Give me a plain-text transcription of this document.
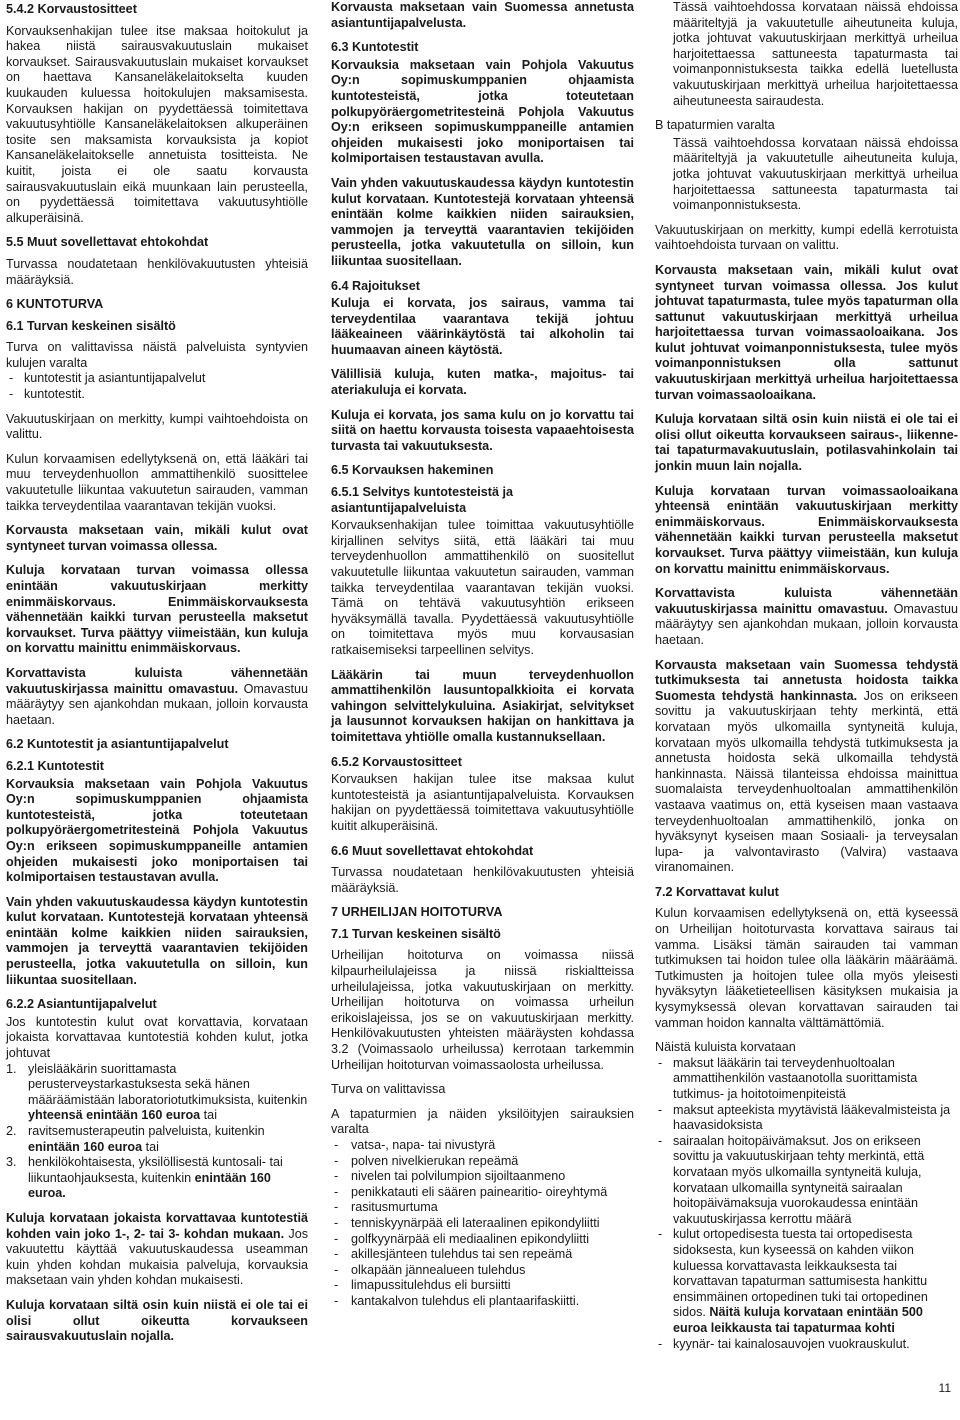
5.4.2 Korvaustositteet

Korvauksenhakijan tulee itse maksaa hoitokulut ja hakea niistä sairausvakuutuslain mukaiset korvaukset. Sairausvakuutuslain mukaiset korvaukset on haettava Kansaneläkelaitokselta kuuden kuukauden kuluessa hoitokulujen maksamisesta. Korvauksen hakijan on pyydettäessä toimitettava vakuutusyhtiölle Kansaneläkelaitoksen alkuperäinen tosite sen maksamista korvauksista ja kopiot Kansaneläkelaitokselle annetuista tositteista. Ne kuitit, joista ei ole saatu korvausta sairausvakuutuslain eikä muunkaan lain perusteella, on pyydettäessä toimitettava vakuutusyhtiölle alkuperäisinä.

5.5 Muut sovellettavat ehtokohdat

Turvassa noudatetaan henkilövakuutusten yhteisiä määräyksiä.

6 KUNTOTURVA
6.1 Turvan keskeinen sisältö

Turva on valittavissa näistä palveluista syntyvien kulujen varalta

- kuntotestit ja asiantuntijapalvelut
- kuntotestit.

Vakuutuskirjaan on merkitty, kumpi vaihtoehdoista on valittu.

Kulun korvaamisen edellytyksenä on, että lääkäri tai muu terveydenhuollon ammattihenkilö suosittelee vakuutetulle liikuntaa vakuutetun sairauden, vamman taikka terveydentilaa vaarantavan tekijän vuoksi.

Korvausta maksetaan vain, mikäli kulut ovat syntyneet turvan voimassa ollessa.

Kuluja korvataan turvan voimassa ollessa enintään vakuutuskirjaan merkitty enimmäiskorvaus. Enimmäiskorvauksesta vähennetään kaikki turvan perusteella maksetut korvaukset. Turva päättyy viimeistään, kun kuluja on korvattu mainittu enimmäiskorvaus.

Korvattavista kuluista vähennetään vakuutuskirjassa mainittu omavastuu. Omavastuu määräytyy sen ajankohdan mukaan, jolloin korvausta haetaan.

6.2 Kuntotestit ja asiantuntijapalvelut
6.2.1 Kuntotestit

Korvauksia maksetaan vain Pohjola Vakuutus Oy:n sopimuskumppanien ohjaamista kuntotesteistä, jotka toteutetaan polkupyöräergometritesteinä Pohjola Vakuutus Oy:n erikseen sopimuskumppaneille antamien ohjeiden mukaisesti joko moniportaisen tai kolmiportaisen testaustavan avulla.

Vain yhden vakuutuskaudessa käydyn kuntotestin kulut korvataan. Kuntotestejä korvataan yhteensä enintään kolme kaikkien niiden sairauksien, vammojen ja terveyttä vaarantavien tekijöiden perusteella, jotka vakuutetulla on silloin, kun liikuntaa suositellaan.

6.2.2 Asiantuntijapalvelut

Jos kuntotestin kulut ovat korvattavia, korvataan jokaista korvattavaa kuntotestiä kohden kulut, jotka johtuvat

1. yleislääkärin suorittamasta perusterveystarkastuksesta sekä hänen määräämistään laboratoriotutkimuksista, kuitenkin yhteensä enintään 160 euroa tai
2. ravitsemusterapeutin palveluista, kuitenkin enintään 160 euroa tai
3. henkilökohtaisesta, yksilöllisestä kuntosali- tai liikuntaohjauksesta, kuitenkin enintään 160 euroa.

Kuluja korvataan jokaista korvattavaa kuntotestiä kohden vain joko 1-, 2- tai 3- kohdan mukaan. Jos vakuutettu käyttää vakuutuskaudessa useamman kuin yhden kohdan mukaisia palveluja, korvauksia maksetaan vain yhden kohdan mukaisesti.

Kuluja korvataan siltä osin kuin niistä ei ole tai ei olisi ollut oikeutta korvaukseen sairausvakuutuslain nojalla.

Korvausta maksetaan vain Suomessa annetusta asiantuntijapalvelusta.

6.3 Kuntotestit

Korvauksia maksetaan vain Pohjola Vakuutus Oy:n sopimuskumppanien ohjaamista kuntotesteistä, jotka toteutetaan polkupyöräergometritesteinä Pohjola Vakuutus Oy:n erikseen sopimuskumppaneille antamien ohjeiden mukaisesti joko moniportaisen tai kolmiportaisen testaustavan avulla.

Vain yhden vakuutuskaudessa käydyn kuntotestin kulut korvataan. Kuntotestejä korvataan yhteensä enintään kolme kaikkien niiden sairauksien, vammojen ja terveyttä vaarantavien tekijöiden perusteella, jotka vakuutetulla on silloin, kun liikuntaa suositellaan.

6.4 Rajoitukset

Kuluja ei korvata, jos sairaus, vamma tai terveydentilaa vaarantava tekijä johtuu lääkeaineen väärinkäytöstä tai alkoholin tai huumaavan aineen käytöstä.

Välillisiä kuluja, kuten matka-, majoitus- tai ateriakuluja ei korvata.

Kuluja ei korvata, jos sama kulu on jo korvattu tai siitä on haettu korvausta toisesta vapaaehtoisesta turvasta tai vakuutuksesta.

6.5 Korvauksen hakeminen
6.5.1 Selvitys kuntotesteistä ja asiantuntijapalveluista

Korvauksenhakijan tulee toimittaa vakuutusyhtiölle kirjallinen selvitys siitä, että lääkäri tai muu terveydenhuollon ammattihenkilö on suositellut vakuutetulle liikuntaa vakuutetun sairauden, vamman taikka terveydentilaa vaarantavan tekijän vuoksi. Tämä on tehtävä vakuutusyhtiön erikseen hyväksymällä tavalla. Pyydettäessä vakuutusyhtiölle on toimitettava myös muu korvausasian ratkaisemiseksi tarpeellinen selvitys.

Lääkärin tai muun terveydenhuollon ammattihenkilön lausuntopalkkioita ei korvata vahingon selvittelykuluina. Asiakirjat, selvitykset ja lausunnot korvauksen hakijan on hankittava ja toimitettava yhtiölle omalla kustannuksellaan.

6.5.2 Korvaustositteet

Korvauksen hakijan tulee itse maksaa kulut kuntotesteistä ja asiantuntijapalveluista. Korvauksen hakijan on pyydettäessä toimitettava vakuutusyhtiölle kuitit alkuperäisinä.

6.6 Muut sovellettavat ehtokohdat

Turvassa noudatetaan henkilövakuutusten yhteisiä määräyksiä.

7 URHEILIJAN HOITOTURVA
7.1 Turvan keskeinen sisältö

Urheilijan hoitoturva on voimassa niissä kilpaurheilulajeissa ja niissä riskialtteissa urheilulajeissa, jotka vakuutuskirjaan on merkitty. Urheilijan hoitoturva on voimassa urheilun erikoislajeissa, jos se on vakuutuskirjaan merkitty. Henkilövakuutusten yhteisten määräysten kohdassa 3.2 (Voimassaolo urheilussa) kerrotaan tarkemmin Urheilijan hoitoturvan voimassaolosta urheilussa.

Turva on valittavissa

A tapaturmien ja näiden yksilöityjen sairauksien varalta

- vatsa-, napa- tai nivustyrä
- polven nivelkierukan repeämä
- nivelen tai polvilumpion sijoiltaanmeno
- penikkatauti eli säären painearitio- oireyhtymä
- rasitusmurtuma
- tenniskyynärpää eli lateraalinen epikondyliitti
- golfkyynärpää eli mediaalinen epikondyliitti
- akillesjänteen tulehdus tai sen repeämä
- olkapään jännealueen tulehdus
- limapussitulehdus eli bursiitti
- kantakalvon tulehdus eli plantaarifaskiitti.

Tässä vaihtoehdossa korvataan näissä ehdoissa määriteltyjä ja vakuutetulle aiheutuneita kuluja, jotka johtuvat vakuutuskirjaan merkittyä urheilua harjoitettaessa sattuneesta tapaturmasta tai voimanponnistuksesta taikka edellä luetellusta vakuutuskirjaan merkittyä urheilua harjoitettaessa aiheutuneesta sairaudesta.

B tapaturmien varalta

Tässä vaihtoehdossa korvataan näissä ehdoissa määriteltyjä ja vakuutetulle aiheutuneita kuluja, jotka johtuvat vakuutuskirjaan merkittyä urheilua harjoitettaessa sattuneesta tapaturmasta tai voimanponnistuksesta.

Vakuutuskirjaan on merkitty, kumpi edellä kerrotuista vaihtoehdoista turvaan on valittu.

Korvausta maksetaan vain, mikäli kulut ovat syntyneet turvan voimassa ollessa. Jos kulut johtuvat tapaturmasta, tulee myös tapaturman olla sattunut vakuutuskirjaan merkittyä urheilua harjoitettaessa turvan voimassaoloaikana. Jos kulut johtuvat voimanponnistuksesta, tulee myös voimanponnistuksen olla sattunut vakuutuskirjaan merkittyä urheilua harjoitettaessa turvan voimassaoloaikana.

Kuluja korvataan siltä osin kuin niistä ei ole tai ei olisi ollut oikeutta korvaukseen sairaus-, liikenne- tai tapaturmavakuutuslain, potilasvahinkolain tai jonkin muun lain nojalla.

Kuluja korvataan turvan voimassaoloaikana yhteensä enintään vakuutuskirjaan merkitty enimmäiskorvaus. Enimmäiskorvauksesta vähennetään kaikki turvan perusteella maksetut korvaukset. Turva päättyy viimeistään, kun kuluja on korvattu mainittu enimmäiskorvaus.

Korvattavista kuluista vähennetään vakuutuskirjassa mainittu omavastuu. Omavastuu määräytyy sen ajankohdan mukaan, jolloin korvausta haetaan.

Korvausta maksetaan vain Suomessa tehdystä tutkimuksesta tai annetusta hoidosta taikka Suomesta tehdystä hankinnasta. Jos on erikseen sovittu ja vakuutuskirjaan tehty merkintä, että korvataan myös ulkomailla syntyneitä kuluja, korvataan myös ulkomailla tehdystä tutkimuksesta ja annetusta hoidosta sekä ulkomailla tehdystä hankinnasta. Näissä tilanteissa ehdoissa mainittua suomalaista terveydenhuoltoalan ammattihenkilön vastaava vaatimus on, että kyseisen maan vastaava terveydenhuoltoalan ammattihenkilö, jonka on hyväksynyt kyseisen maan Sosiaali- ja terveysalan lupa- ja valvontavirasto (Valvira) vastaava viranomainen.

7.2 Korvattavat kulut

Kulun korvaamisen edellytyksenä on, että kyseessä on Urheilijan hoitoturvasta korvattava sairaus tai vamma. Lisäksi tämän sairauden tai vamman tutkimuksen tai hoidon tulee olla lääkärin määräämä. Tutkimusten ja hoitojen tulee olla myös yleisesti hyväksytyn lääketieteellisen käsityksen mukaisia ja kysymyksessä olevan korvattavan sairauden tai vamman hoidon kannalta välttämättömiä.

Näistä kuluista korvataan

- maksut lääkärin tai terveydenhuoltoalan ammattihenkilön vastaanotolla suorittamista tutkimus- ja hoitotoimenpiteistä
- maksut apteekista myytävistä lääkevalmisteista ja haavasidoksista
- sairaalan hoitopäivämaksut. Jos on erikseen sovittu ja vakuutuskirjaan tehty merkintä, että korvataan myös ulkomailla syntyneitä kuluja, korvataan ulkomailla syntyneitä sairaalan hoitopäivämaksuja vuorokaudessa enintään vakuutuskirjassa kerrottu määrä
- kulut ortopedisesta tuesta tai ortopedisesta sidoksesta, kun kyseessä on kahden viikon kuluessa korvattavasta leikkauksesta tai korvattavan tapaturman sattumisesta hankittu ensimmäinen ortopedinen tuki tai ortopedinen sidos. Näitä kuluja korvataan enintään 500 euroa leikkausta tai tapaturmaa kohti
- kyynär- tai kainalosauvojen vuokrauskulut.
11
